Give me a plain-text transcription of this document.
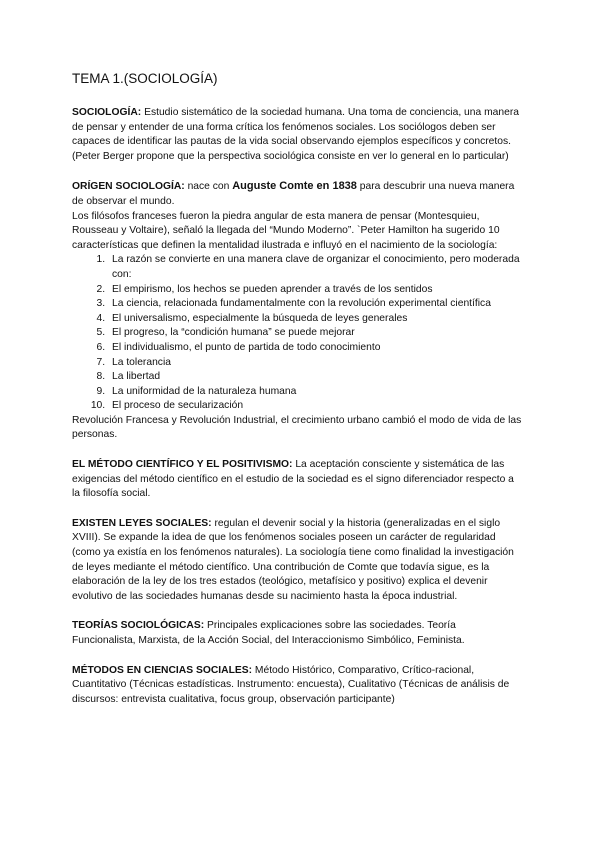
TEMA 1.(SOCIOLOGÍA)

SOCIOLOGÍA: Estudio sistemático de la sociedad humana. Una toma de conciencia, una manera de pensar y entender de una forma crítica los fenómenos sociales. Los sociólogos deben ser capaces de identificar las pautas de la vida social observando ejemplos específicos y concretos. (Peter Berger propone que la perspectiva sociológica consiste en ver lo general en lo particular)

ORÍGEN SOCIOLOGÍA: nace con Auguste Comte en 1838 para descubrir una nueva manera de observar el mundo.

Los filósofos franceses fueron la piedra angular de esta manera de pensar (Montesquieu, Rousseau y Voltaire), señaló la llegada del “Mundo Moderno”. `Peter Hamilton ha sugerido 10 características que definen la mentalidad ilustrada e influyó en el nacimiento de la sociología:

1. La razón se convierte en una manera clave de organizar el conocimiento, pero moderada con:
2. El empirismo, los hechos se pueden aprender a través de los sentidos
3. La ciencia, relacionada fundamentalmente con la revolución experimental científica
4. El universalismo, especialmente la búsqueda de leyes generales
5. El progreso, la “condición humana” se puede mejorar
6. El individualismo, el punto de partida de todo conocimiento
7. La tolerancia
8. La libertad
9. La uniformidad de la naturaleza humana
10. El proceso de secularización

Revolución Francesa y Revolución Industrial, el crecimiento urbano cambió el modo de vida de las personas.

EL MÉTODO CIENTÍFICO Y EL POSITIVISMO: La aceptación consciente y sistemática de las exigencias del método científico en el estudio de la sociedad es el signo diferenciador respecto a la filosofía social.

EXISTEN LEYES SOCIALES: regulan el devenir social y la historia (generalizadas en el siglo XVIII). Se expande la idea de que los fenómenos sociales poseen un carácter de regularidad (como ya existía en los fenómenos naturales). La sociología tiene como finalidad la investigación de leyes mediante el método científico. Una contribución de Comte que todavía sigue, es la elaboración de la ley de los tres estados (teológico, metafísico y positivo) explica el devenir evolutivo de las sociedades humanas desde su nacimiento hasta la época industrial.

TEORÍAS SOCIOLÓGICAS: Principales explicaciones sobre las sociedades. Teoría Funcionalista, Marxista, de la Acción Social, del Interaccionismo Simbólico, Feminista.

MÉTODOS EN CIENCIAS SOCIALES: Método Histórico, Comparativo, Crítico-racional, Cuantitativo (Técnicas estadísticas. Instrumento: encuesta), Cualitativo (Técnicas de análisis de discursos: entrevista cualitativa, focus group, observación participante)
